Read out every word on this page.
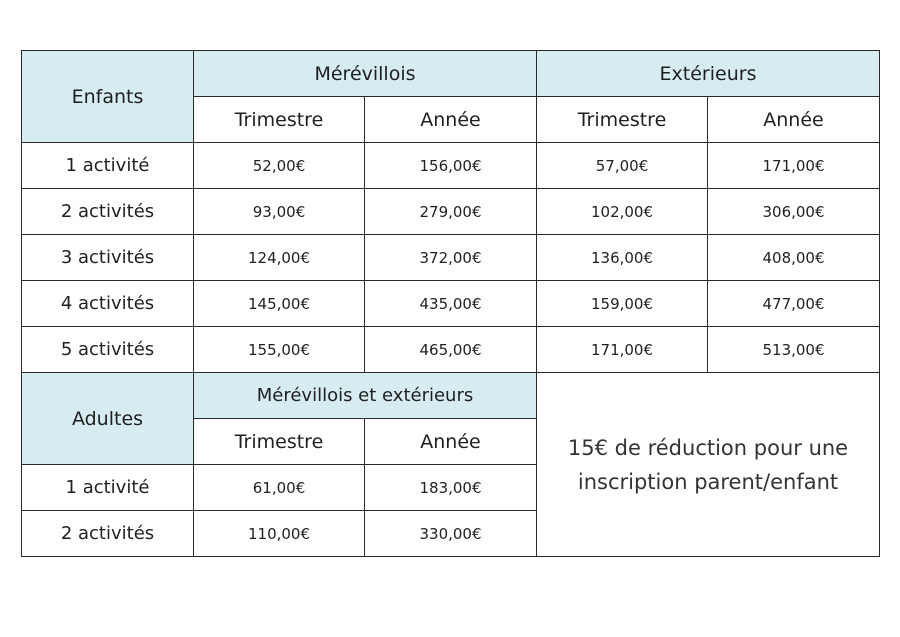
Enfants	Mérévillois		Extérieurs	
	Trimestre	Année	Trimestre	Année
1 activité	52,00€	156,00€	57,00€	171,00€
2 activités	93,00€	279,00€	102,00€	306,00€
3 activités	124,00€	372,00€	136,00€	408,00€
4 activités	145,00€	435,00€	159,00€	477,00€
5 activités	155,00€	465,00€	171,00€	513,00€
Adultes	Mérévillois et extérieurs		15€ de réduction pour une
inscription parent/enfant	

	Trimestre	Année		
1 activité	61,00€	183,00€		
2 activités	110,00€	330,00€		
